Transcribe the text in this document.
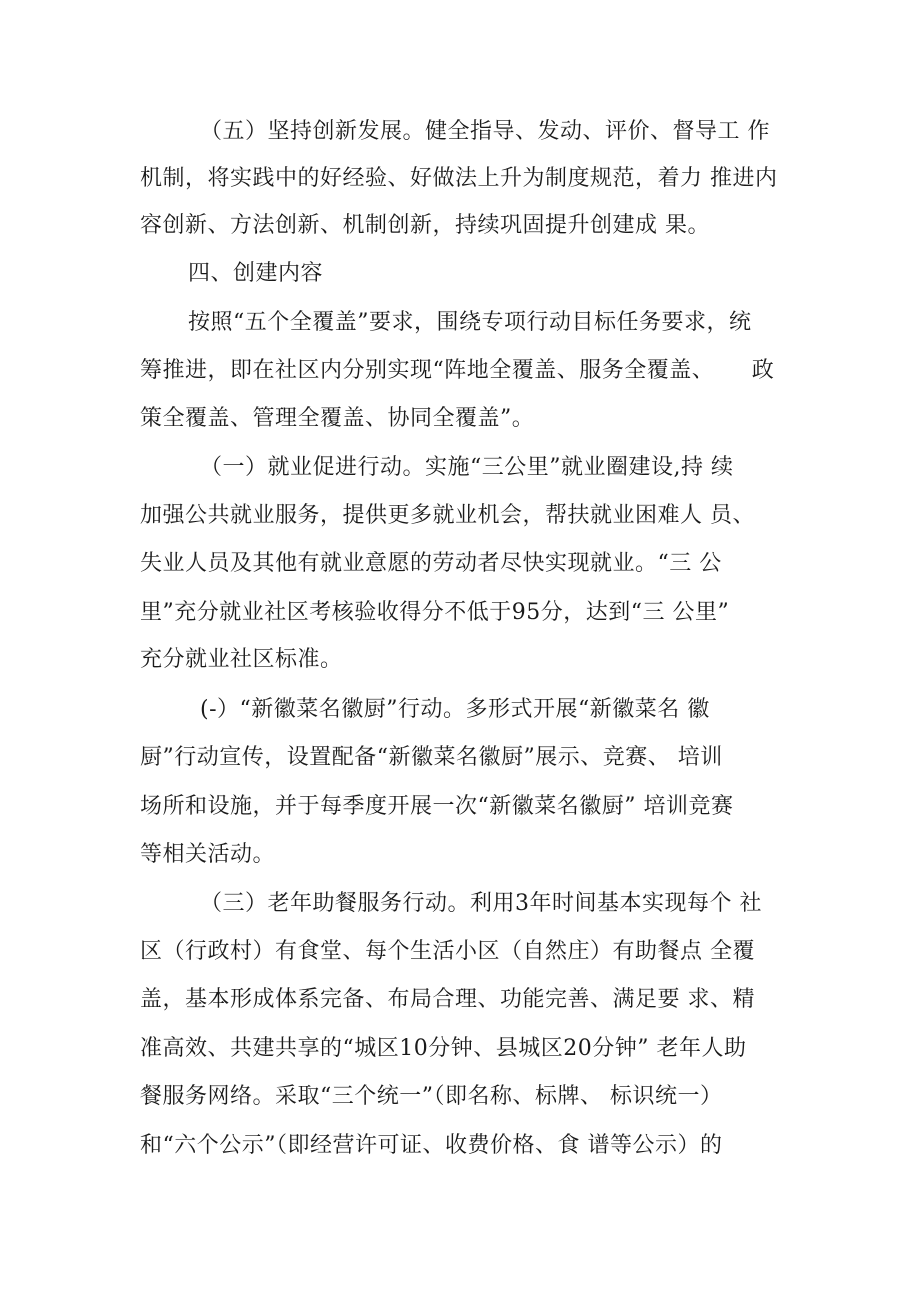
（五）坚持创新发展。健全指导、发动、评价、督导工 作
机制，将实践中的好经验、好做法上升为制度规范，着力 推进内
容创新、方法创新、机制创新，持续巩固提升创建成 果。
四、创建内容
按照“五个全覆盖”要求，围绕专项行动目标任务要求，统
筹推进，即在社区内分别实现“阵地全覆盖、服务全覆盖、     政
策全覆盖、管理全覆盖、协同全覆盖”。
（一）就业促进行动。实施“三公里”就业圈建设,持 续
加强公共就业服务，提供更多就业机会，帮扶就业困难人 员、
失业人员及其他有就业意愿的劳动者尽快实现就业。“三 公
里”充分就业社区考核验收得分不低于95分，达到“三 公里”
充分就业社区标准。
(-）“新徽菜名徽厨”行动。多形式开展“新徽菜名 徽
厨”行动宣传，设置配备“新徽菜名徽厨”展示、竞赛、 培训
场所和设施，并于每季度开展一次“新徽菜名徽厨” 培训竞赛
等相关活动。
（三）老年助餐服务行动。利用3年时间基本实现每个 社
区（行政村）有食堂、每个生活小区（自然庄）有助餐点 全覆
盖，基本形成体系完备、布局合理、功能完善、满足要 求、精
准高效、共建共享的“城区10分钟、县城区20分钟” 老年人助
餐服务网络。采取“三个统一”（即名称、标牌、 标识统一）
和“六个公示”（即经营许可证、收费价格、食 谱等公示）的
